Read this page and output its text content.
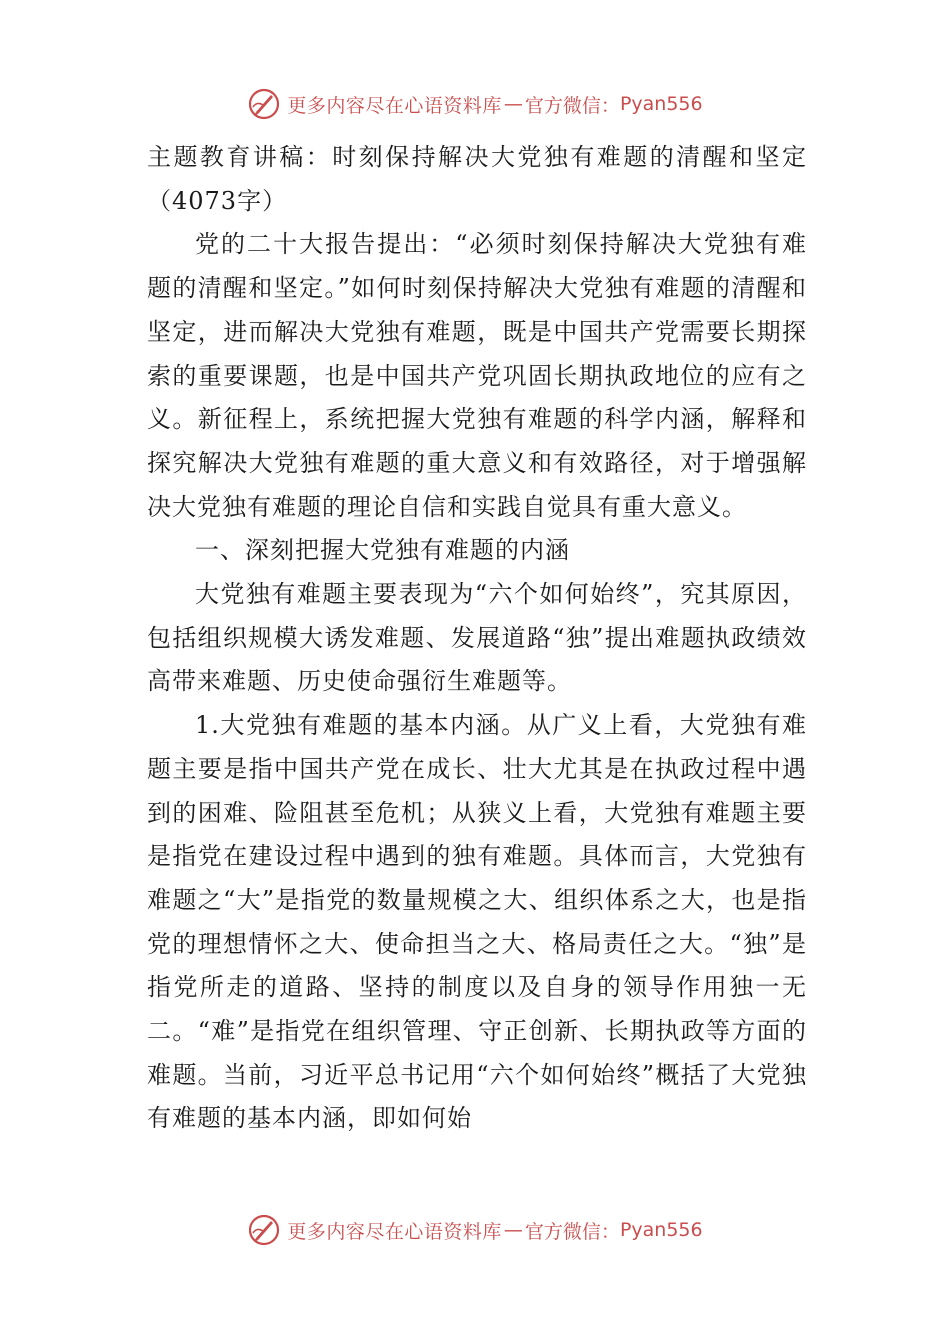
更多内容尽在心语资料库 — 官方微信： Pyan556

主题教育讲稿：时刻保持解决大党独有难题的清醒和坚定（4073字）

党的二十大报告提出：“必须时刻保持解决大党独有难题的清醒和坚定。”如何时刻保持解决大党独有难题的清醒和坚定，进而解决大党独有难题，既是中国共产党需要长期探索的重要课题，也是中国共产党巩固长期执政地位的应有之义。新征程上，系统把握大党独有难题的科学内涵，解释和探究解决大党独有难题的重大意义和有效路径，对于增强解决大党独有难题的理论自信和实践自觉具有重大意义。

一、深刻把握大党独有难题的内涵

大党独有难题主要表现为“六个如何始终”，究其原因，包括组织规模大诱发难题、发展道路“独”提出难题执政绩效高带来难题、历史使命强衍生难题等。

1.大党独有难题的基本内涵。从广义上看，大党独有难题主要是指中国共产党在成长、壮大尤其是在执政过程中遇到的困难、险阻甚至危机；从狭义上看，大党独有难题主要是指党在建设过程中遇到的独有难题。具体而言，大党独有难题之“大”是指党的数量规模之大、组织体系之大，也是指党的理想情怀之大、使命担当之大、格局责任之大。“独”是指党所走的道路、坚持的制度以及自身的领导作用独一无二。“难”是指党在组织管理、守正创新、长期执政等方面的难题。当前，习近平总书记用“六个如何始终”概括了大党独有难题的基本内涵，即如何始

更多内容尽在心语资料库 — 官方微信： Pyan556
